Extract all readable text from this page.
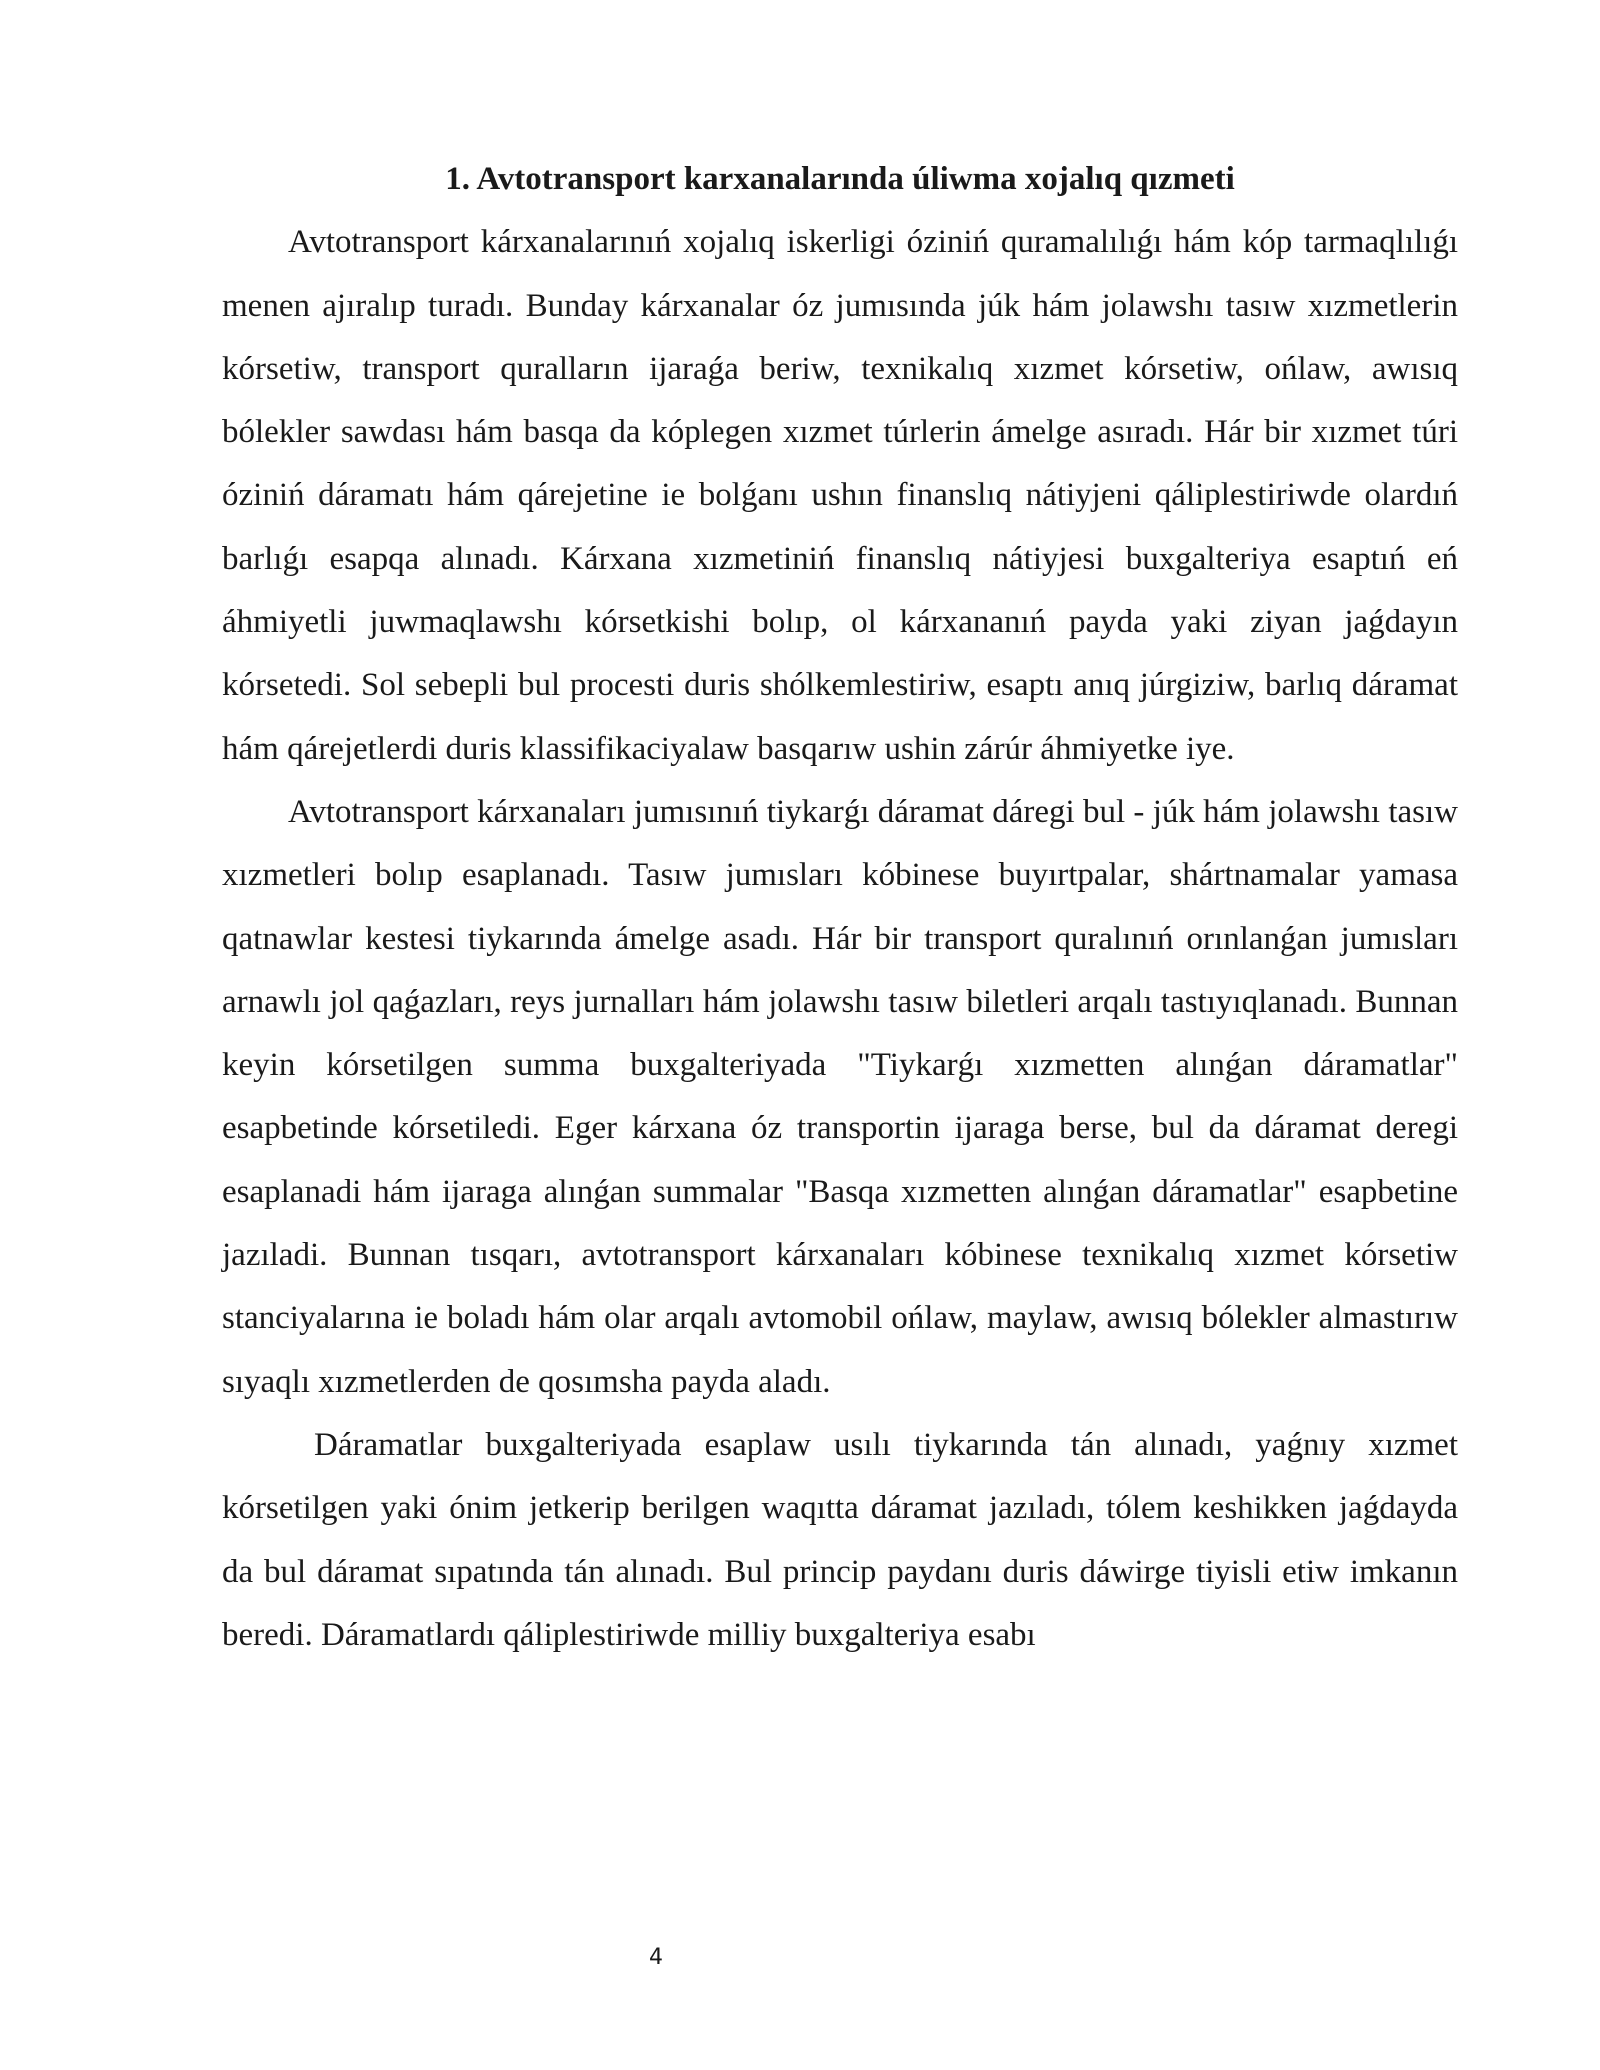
1. Avtotransport karxanalarında úliwma xojalıq qızmeti

Avtotransport kárxanalarınıń xojalıq iskerligi óziniń quramalılıǵı hám kóp tarmaqlılıǵı menen ajıralıp turadı. Bunday kárxanalar óz jumısında júk hám jolawshı tasıw xızmetlerin kórsetiw, transport quralların ijaraǵa beriw, texnikalıq xızmet kórsetiw, ońlaw, awısıq bólekler sawdası hám basqa da kóplegen xızmet túrlerin ámelge asıradı. Hár bir xızmet túri óziniń dáramatı hám qárejetine ie bolǵanı ushın finanslıq nátiyjeni qáliplestiriwde olardıń barlıǵı esapqa alınadı. Kárxana xızmetiniń finanslıq nátiyjesi buxgalteriya esaptıń eń áhmiyetli juwmaqlawshı kórsetkishi bolıp, ol kárxananıń payda yaki ziyan jaǵdayın kórsetedi. Sol sebepli bul procesti duris shólkemlestiriw, esaptı anıq júrgiziw, barlıq dáramat hám qárejetlerdi duris klassifikaciyalaw basqarıw ushin zárúr áhmiyetke iye.

Avtotransport kárxanaları jumısınıń tiykarǵı dáramat dáregi bul - júk hám jolawshı tasıw xızmetleri bolıp esaplanadı. Tasıw jumısları kóbinese buyırtpalar, shártnamalar yamasa qatnawlar kestesi tiykarında ámelge asadı. Hár bir transport quralınıń orınlanǵan jumısları arnawlı jol qaǵazları, reys jurnalları hám jolawshı tasıw biletleri arqalı tastıyıqlanadı. Bunnan keyin kórsetilgen summa buxgalteriyada "Tiykarǵı xızmetten alınǵan dáramatlar" esapbetinde kórsetiledi. Eger kárxana óz transportin ijaraga berse, bul da dáramat deregi esaplanadi hám ijaraga alınǵan summalar "Basqa xızmetten alınǵan dáramatlar" esapbetine jazıladi. Bunnan tısqarı, avtotransport kárxanaları kóbinese texnikalıq xızmet kórsetiw stanciyalarına ie boladı hám olar arqalı avtomobil ońlaw, maylaw, awısıq bólekler almastırıw sıyaqlı xızmetlerden de qosımsha payda aladı.

Dáramatlar buxgalteriyada esaplaw usılı tiykarında tán alınadı, yaǵnıy xızmet kórsetilgen yaki ónim jetkerip berilgen waqıtta dáramat jazıladı, tólem keshikken jaǵdayda da bul dáramat sıpatında tán alınadı. Bul princip paydanı duris dáwirge tiyisli etiw imkanın beredi. Dáramatlardı qáliplestiriwde milliy buxgalteriya esabı

4
